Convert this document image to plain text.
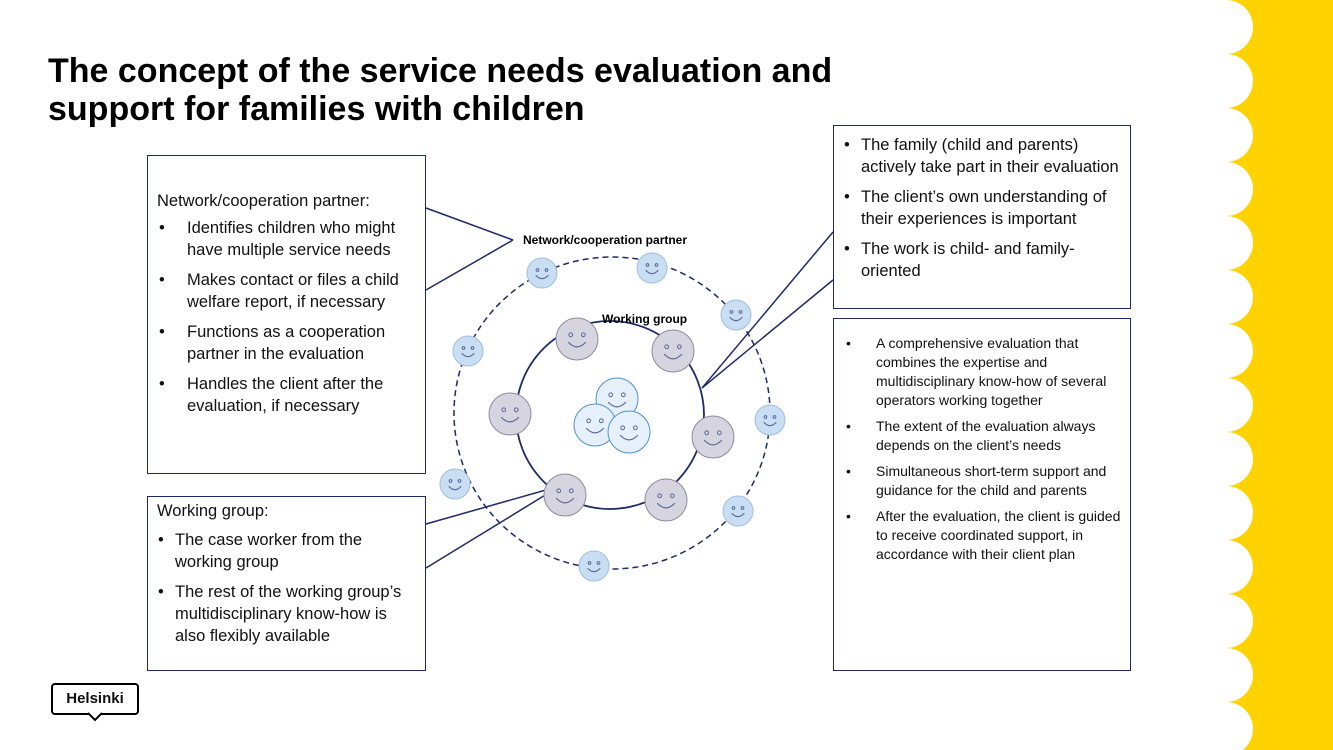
The concept of the service needs evaluation and support for families with children
Network/cooperation partner
Working group
Network/cooperation partner:
• Identifies children who might have multiple service needs
• Makes contact or files a child welfare report, if necessary
• Functions as a cooperation partner in the evaluation
• Handles the client after the evaluation, if necessary
Working group:
• The case worker from the working group
• The rest of the working group’s multidisciplinary know-how is also flexibly available
• The family (child and parents) actively take part in their evaluation
• The client’s own understanding of their experiences is important
• The work is child- and family-oriented
• A comprehensive evaluation that combines the expertise and multidisciplinary know-how of several operators working together
• The extent of the evaluation always depends on the client’s needs
• Simultaneous short-term support and guidance for the child and parents
• After the evaluation, the client is guided to receive coordinated support, in accordance with their client plan
Helsinki
